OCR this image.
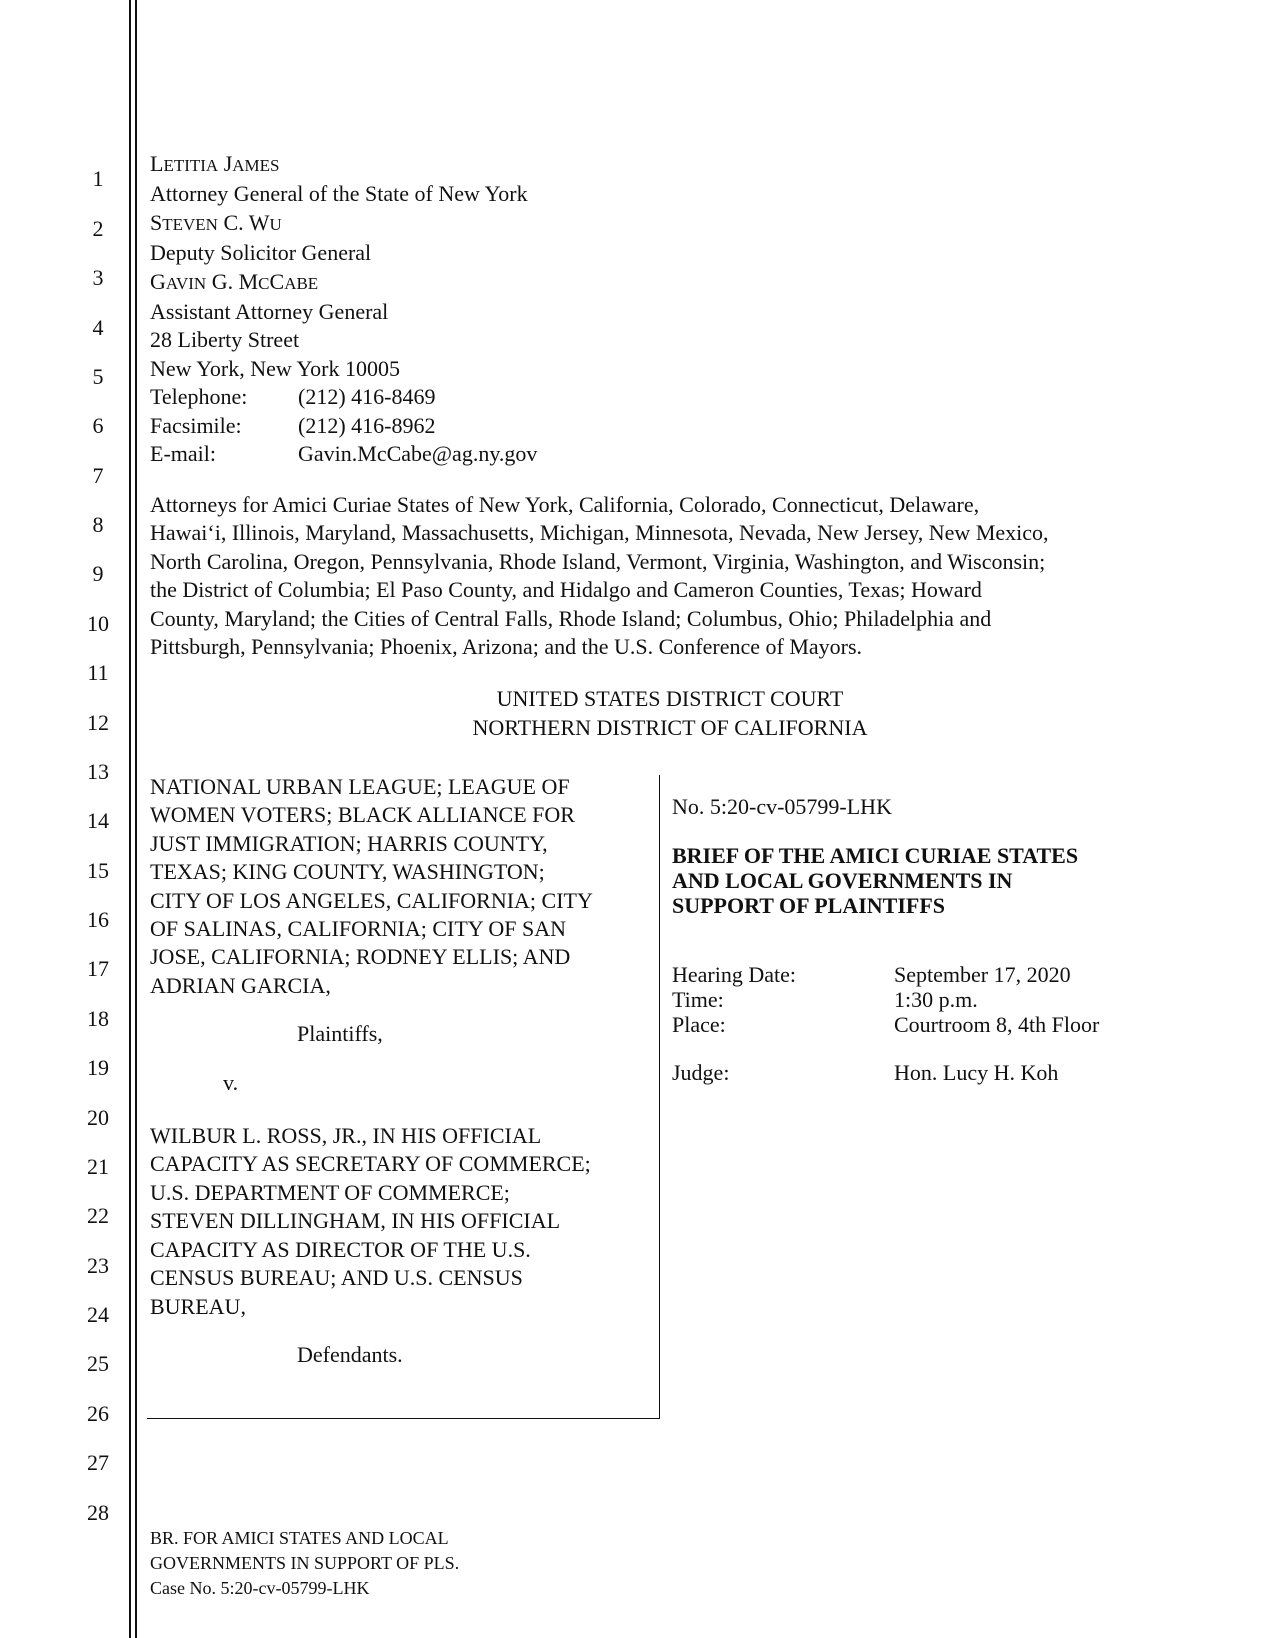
1
2
3
4
5
6
7
8
9
10
11
12
13
14
15
16
17
18
19
20
21
22
23
24
25
26
27
28
LETITIA JAMES
Attorney General of the State of New York
STEVEN C. WU
Deputy Solicitor General
GAVIN G. MCCABE
Assistant Attorney General
28 Liberty Street
New York, New York 10005
Telephone:	(212) 416-8469
Facsimile:	(212) 416-8962
E-mail:	Gavin.McCabe@ag.ny.gov
Attorneys for Amici Curiae States of New York, California, Colorado, Connecticut, Delaware,
Hawai‘i, Illinois, Maryland, Massachusetts, Michigan, Minnesota, Nevada, New Jersey, New Mexico,
North Carolina, Oregon, Pennsylvania, Rhode Island, Vermont, Virginia, Washington, and Wisconsin;
the District of Columbia; El Paso County, and Hidalgo and Cameron Counties, Texas; Howard
County, Maryland; the Cities of Central Falls, Rhode Island; Columbus, Ohio; Philadelphia and
Pittsburgh, Pennsylvania; Phoenix, Arizona; and the U.S. Conference of Mayors.
UNITED STATES DISTRICT COURT
NORTHERN DISTRICT OF CALIFORNIA
NATIONAL URBAN LEAGUE; LEAGUE OF
WOMEN VOTERS; BLACK ALLIANCE FOR
JUST IMMIGRATION; HARRIS COUNTY,
TEXAS; KING COUNTY, WASHINGTON;
CITY OF LOS ANGELES, CALIFORNIA; CITY
OF SALINAS, CALIFORNIA; CITY OF SAN
JOSE, CALIFORNIA; RODNEY ELLIS; AND
ADRIAN GARCIA,
Plaintiffs,
v.
WILBUR L. ROSS, JR., IN HIS OFFICIAL
CAPACITY AS SECRETARY OF COMMERCE;
U.S. DEPARTMENT OF COMMERCE;
STEVEN DILLINGHAM, IN HIS OFFICIAL
CAPACITY AS DIRECTOR OF THE U.S.
CENSUS BUREAU; AND U.S. CENSUS
BUREAU,
Defendants.
No. 5:20-cv-05799-LHK
BRIEF OF THE AMICI CURIAE STATES
AND LOCAL GOVERNMENTS IN
SUPPORT OF PLAINTIFFS
Hearing Date:	September 17, 2020
Time:	1:30 p.m.
Place:	Courtroom 8, 4th Floor
Judge:	Hon. Lucy H. Koh
BR. FOR AMICI STATES AND LOCAL
GOVERNMENTS IN SUPPORT OF PLS.
Case No. 5:20-cv-05799-LHK
